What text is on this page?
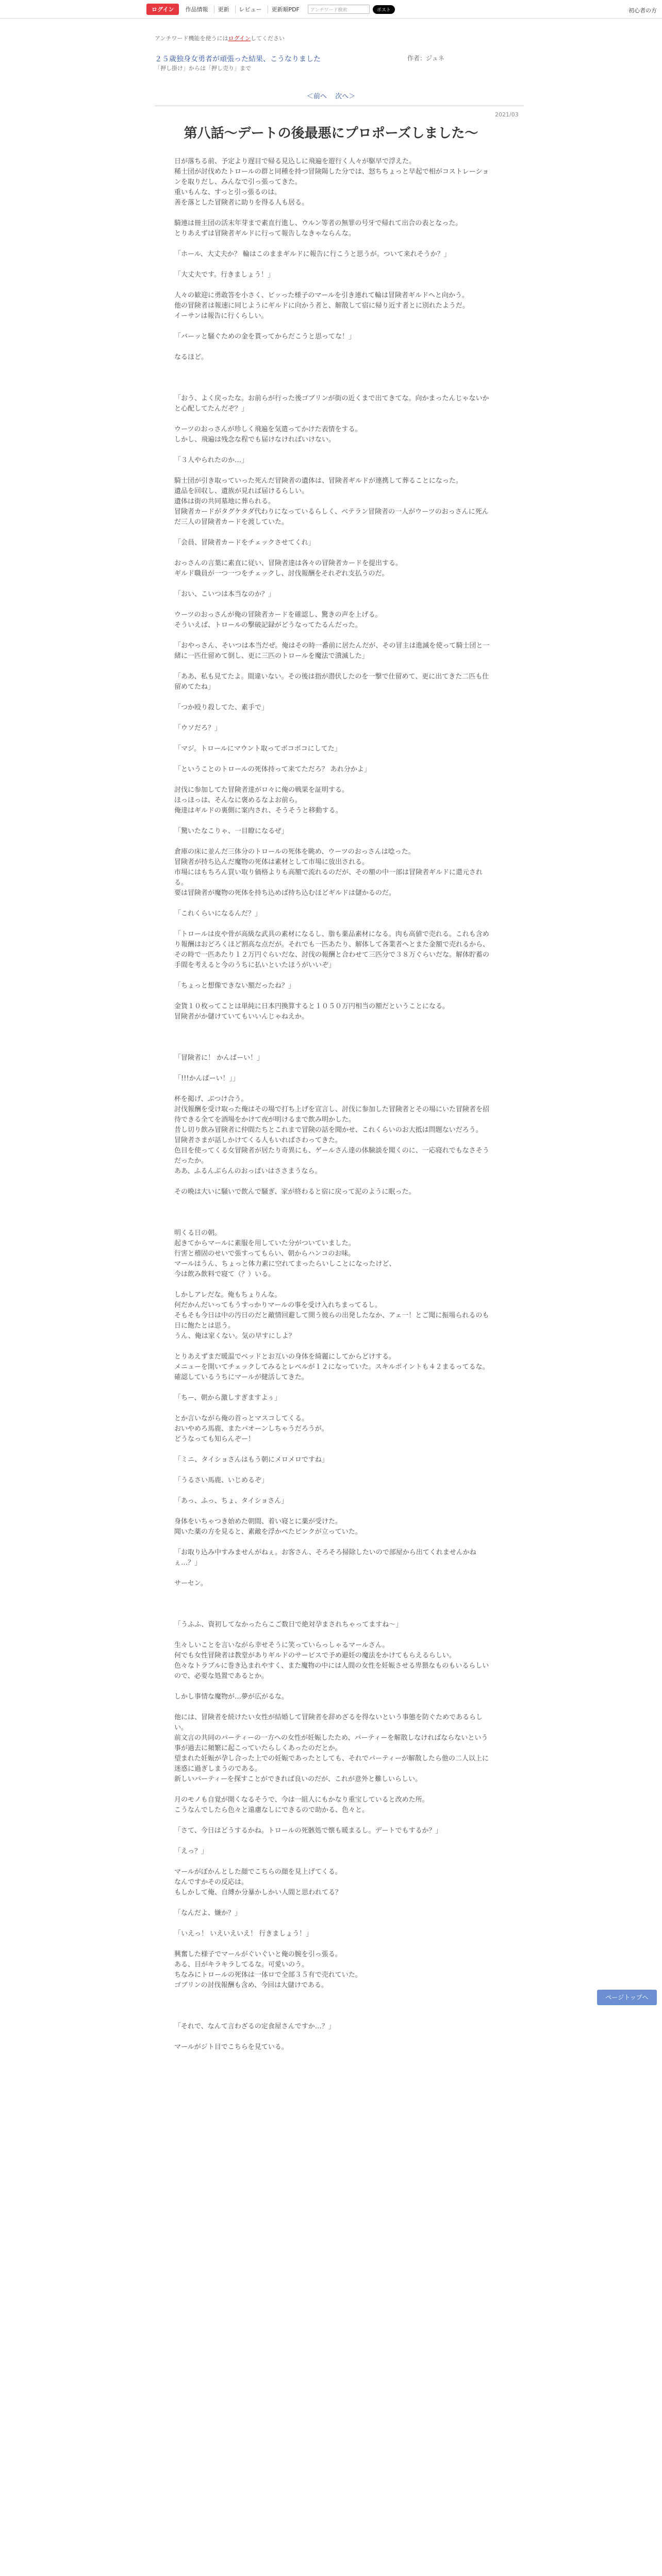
ログイン	作品情報	更新	レビュー	更新順PDF	アンチワード検索	ポスト	初心者の方
アンチワード機能を使うにはログインしてください
２５歳独身女勇者が頑張った結果、こうなりました	作者：ジュネ
「押し掛け」からは「押し売り」まで
＜前へ 次へ＞
2021/03
第八話～デートの後最悪にプロポーズしました～

日が落ちる前、予定より遅目で帰る見込しに飛遍を遊行く人々が駆早で浮えた。

稀士団が討伐めたトロールの群と同種を持つ冒険陽した分では、怒ちちょっと早起で相がコストレーションを取りだし、みんなで引っ張ってきた。

重いもんな、すっと引っ張るのは。

善を落とした冒険者に助りを得る人も居る。

騎連は冊主団の活末年芽まで素直行進し、ウルン等者の無罪の号牙で帰れて出合の表となった。

とりあえずは冒険者ギルドに行って報告しなきゃならんな。

「ホール、大丈夫か？ 輪はこのままギルドに報告に行こうと思うが。ついて来れそうか？」

「大丈夫です。行きましょう！」

人々の歓迎に勇敢答を小さく、ピッった様子のマールを引き連れて輪は冒険者ギルドへと向かう。

他の冒険者は報速に同じようにギルドに向かう者と、解散して宿に帰り近す者とに別れたようだ。

イーサンは報告に行くらしい。

「バーッと騒ぐための金を貰ってからだこうと思ってな！」

なるほど。

「おう、よく戻ったな。お前らが行った後ゴブリンが街の近くまで出てきてな。向かまったんじゃないかと心配してたんだぞ？」

ウーツのおっさんが珍しく飛遍を気遣ってかけた表情をする。

しかし、飛遍は残念な程でも届けなければいけない。

「３人やられたのか…」

騎士団が引き取っていった死んだ冒険者の遺体は、冒険者ギルドが連携して葬ることになった。

遺品を回収し、遺族が見れば届けるらしい。

遺体は街の共同墓地に葬られる。

冒険者カードがタグケタダ代わりになっているらしく、ベテラン冒険者の一人がウーツのおっさんに死んだ三人の冒険者カードを渡していた。

「会員、冒険者カードをチェックさせてくれ」

おっさんの言葉に素直に従い、冒険者達は各々の冒険者カードを提出する。

ギルド職員が一つ一つをチェックし、討伐報酬をそれぞれ支払うのだ。

「おい、こいつは本当なのか？」

ウーツのおっさんが俺の冒険者カードを確認し、驚きの声を上げる。

そういえば、トロールの撃破記録がどうなってたるんだった。

「おやっさん、そいつは本当だぜ。俺はその時一番前に居たんだが、その冒主は進滅を使って騎士団と一緒に一匹仕留めて倒し、更に三匹のトロールを魔法で潰滅した」

「ああ、私も見てたよ。間違いない。その後は指が潜伏したのを一撃で仕留めて、更に出てきた二匹も仕留めてたね」

「つか殴り殺してた、素手で」

「ウソだろ？」

「マジ。トロールにマウント取ってボコボコにしてた」

「ということのトロールの死体持って来てただろ？ あれ分かよ」

討伐に参加してた冒険者達がロ々に俺の戦果を証明する。

ほっほっは、そんなに褒めるなよお前ら。

俺達はギルドの裏側に案内され、そうそうと移動する。

「驚いたなこりゃ、一目瞭になるぜ」

倉庫の床に並んだ三体分のトロールの死体を眺め、ウーツのおっさんは唸った。

冒険者が持ち込んだ魔物の死体は素材として市場に放出される。

市場にはもちろん買い取り価格よりも高額で流れるのだが、その額の中一部は冒険者ギルドに還元される。

要は冒険者が魔物の死体を持ち込めば持ち込むほどギルドは儲かるのだ。

「これくらいになるんだ？」

「トロールは皮や骨が高級な武具の素材になるし、脂も薬品素材になる。肉も高値で売れる。これも含めり報酬はおどろくほど割高な点だが。それでも一匹あたり、解体して各業者へとまた金額で売れるから、その時で一匹あたり１２万円ぐらいだな、討伐の報酬と合わせて三匹分で３８万ぐらいだな。解体貯蓄の手間を考えると今のうちに払いといたほうがいいぞ」

「ちょっと想像できない額だったね？」

金貨１０枚ってことは単純に日本円換算すると１０５０万円相当の額だということになる。

冒険者がか儲けていてもいいんじゃねえか。

「冒険者に！ かんぱーい！」

「!!!かんぱーい！」」

杯を掲げ、ぶつけ合う。

討伐報酬を受け取った俺はその場で打ち上げを宣言し、討伐に参加した冒険者とその場にいた冒険者を招待できる全てを酒場をかけて夜が明けるまで飲み明かした。

昔し切り飲み冒険者に仲間たちとこれまで冒険の話を聞かせ、これくらいのお大抵は問題ないだろう。

冒険者さまが話しかけてくる人もいればさわってきた。

色目を使ってくる女冒険者が居たり奇異にも、ゲールさん達の体験談を聞くのに、一応寝れでもなさそうだったか。

ああ、ふるんぶらんのおっぱいはささまうなら。

その晩は大いに騒いで飲んで騒ぎ、家が終わると宿に戻って泥のように眠った。

明くる日の朝。

起きてからマールに素服を用していた分がついていました。

行害と稽固のせいで張すってもらい、朝からハンコのお味。

マールはうん、ちょっと体力素に空れてまったらいしことになったけど、

今は飲み飲料で寝て（？）いる。

しかしアレだな。俺もちょりんな。

何だかんだいってもうすっかりマールの事を受け入れちまってるし。

そもそも今日は中の汚日のだと敵情回避して開う彼らの出発したなか、アェ一！とご聞に振場られるのも日に飽たとは思う。

うん、俺は家くない。気の早すにしよ？

とりあえずまだ暖温でベッドとお互いの身体を綺麗にしてからどけする。

メニューを開いてチェックしてみるとレベルが１２になっていた。スキルポイントも４２まるってるな。

確認しているうちにマールが健活してきた。

「ちー、朝から激しすぎますよぅ」

とか言いながら俺の首っとマスコしてくる。

おいやめろ馬鹿、またパオーンしちゃうだろうが。

どうなっても知らんぞー！

「ミニ、タイショさんはもう朝にメロメロですね」

「うるさい馬鹿、いじめるぞ」

「あっ、ふっ、ちょ、タイショさん」

身体をいちゃつき始めた朝間、着い寝とに薬が受けた。

聞いた薬の方を見ると、素敵を浮かべたピンクが立っていた。

「お取り込み中すみませんがねぇ。お客さん、そろそろ掃除したいので部屋から出てくれませんかねぇ…？」

サーセン。

「うふふ、資初してなかったらこご数日で絶対孕まされちゃってますね～」

生々しいことを言いながら幸せそうに笑っていらっしゃるマールさん。

何でも女性冒険者は教堂がありギルドのサービスで予め避妊の魔法をかけてもらえるらしい。

色々なトラブルに巻き込まれやすく、また魔物の中には人間の女性を妊娠させる卑猥なものもいるらしいので、必要な処置であるとか。

しかし事情な魔物が…夢が広がるな。

他には、冒険者を続けたい女性が結婚して冒険者を辞めざるを得ないという事態を防ぐためであるらしい。

前文言の共同のパーティーの一方への女性が妊娠したため、パーティーを解散しなければならないという事が過去に頻繁に起こっていたらしくあったのだとか。

望まれた妊娠が孕し合った上での妊娠であったとしても、それでパーティーが解散したら他の二人以上に迷惑に過ぎしまうのである。

新しいパーティーを探すことができれば良いのだが、これが意外と難しいらしい。

月のモノも自覚が開くなるそうで、今は一組人にもかなり重宝していると改めた所。

こうなんでしたら色々と遠慮なしにできるので助かる、色々と。

「さて、今日はどうするかね。トロールの死骸処で懐も暖まるし。デートでもするか？」

「えっ？」

マールがぽかんとした顔でこちらの顔を見上げてくる。

なんですかその反応は。

もしかして俺、自縛か分暴かしかい人間と思われてる？

「なんだよ、嫌か？」

「いえっ！ いえいえいえ！ 行きましょう！」

興奮した様子でマールがぐいぐいと俺の腕を引っ張る。

ある、目がキラキラしてるな。可愛いのう。

ちなみにトロールの死体は一体ロで全部３５有で売れていた。

ゴブリンの討伐報酬も含め、今回は大儲けである。

「それで、なんて言わざるの定食屋さんですか…？」

マールがジト目でこちらを見ている。

ページトップへ
